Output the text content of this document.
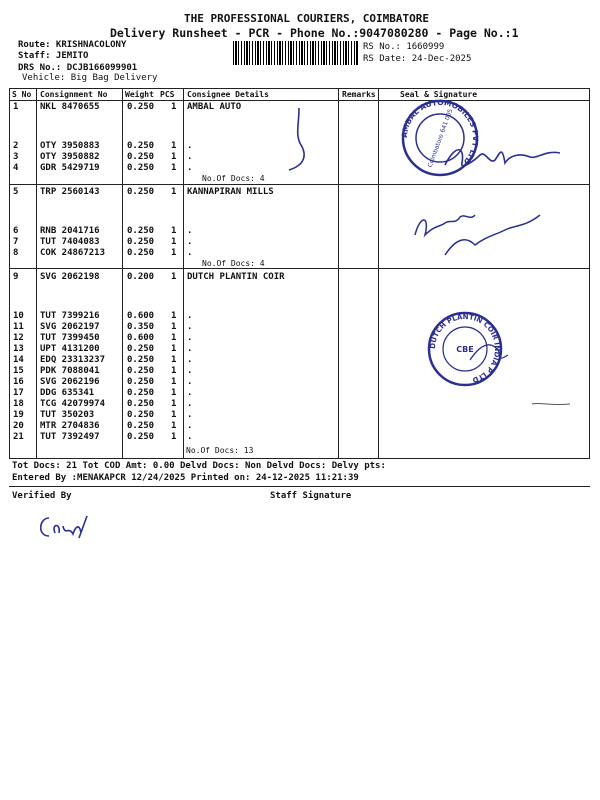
THE PROFESSIONAL COURIERS, COIMBATORE
Delivery Runsheet - PCR - Phone No.:9047080280 - Page No.:1
Route: KRISHNACOLONY
Staff: JEMITO
DRS No.: DCJB166099901
Vehicle: Big Bag Delivery
RS No.: 1660999
RS Date: 24-Dec-2025
S No Consignment No Weight PCS Consignee Details	Remarks	Seal & Signature
1 NKL 8470655	0.250 1 AMBAL AUTO
2 OTY 3950883	0.250 1 .
3 OTY 3950882	0.250 1 .
4 GDR 5429719	0.250 1 .
No.Of Docs: 4
5 TRP 2560143	0.250 1 KANNAPIRAN MILLS
6 RNB 2041716	0.250 1 .
7 TUT 7404083	0.250 1 .
8 COK 24867213 0.250 1 .
No.Of Docs: 4
9 SVG 2062198	0.200 1 DUTCH PLANTIN COIR
10 TUT 7399216	0.600 1 .
11 SVG 2062197	0.350 1 .
12 TUT 7399450	0.600 1 .
13 UPT 4131200	0.250 1 .
14 EDQ 23313237 0.250 1 .
15 PDK 7088041	0.250 1 .
16 SVG 2062196	0.250 1 .
17 DDG 635341	0.250 1 .
18 TCG 42079974 0.250 1 .
19 TUT 350203	0.250 1 .
20 MTR 2704836	0.250 1 .
21 TUT 7392497	0.250 1 .
No.Of Docs: 13
AMBAL AUTOMOBILES PVT LTD
Coimbatore 641 005
DUTCH PLANTIN COIR INDIA P LTD
CBE
Tot Docs: 21 Tot COD Amt: 0.00 Delvd Docs: Non Delvd Docs: Delvy pts:
Entered By :MENAKAPCR 12/24/2025 Printed on: 24-12-2025 11:21:39
Verified By	Staff Signature
